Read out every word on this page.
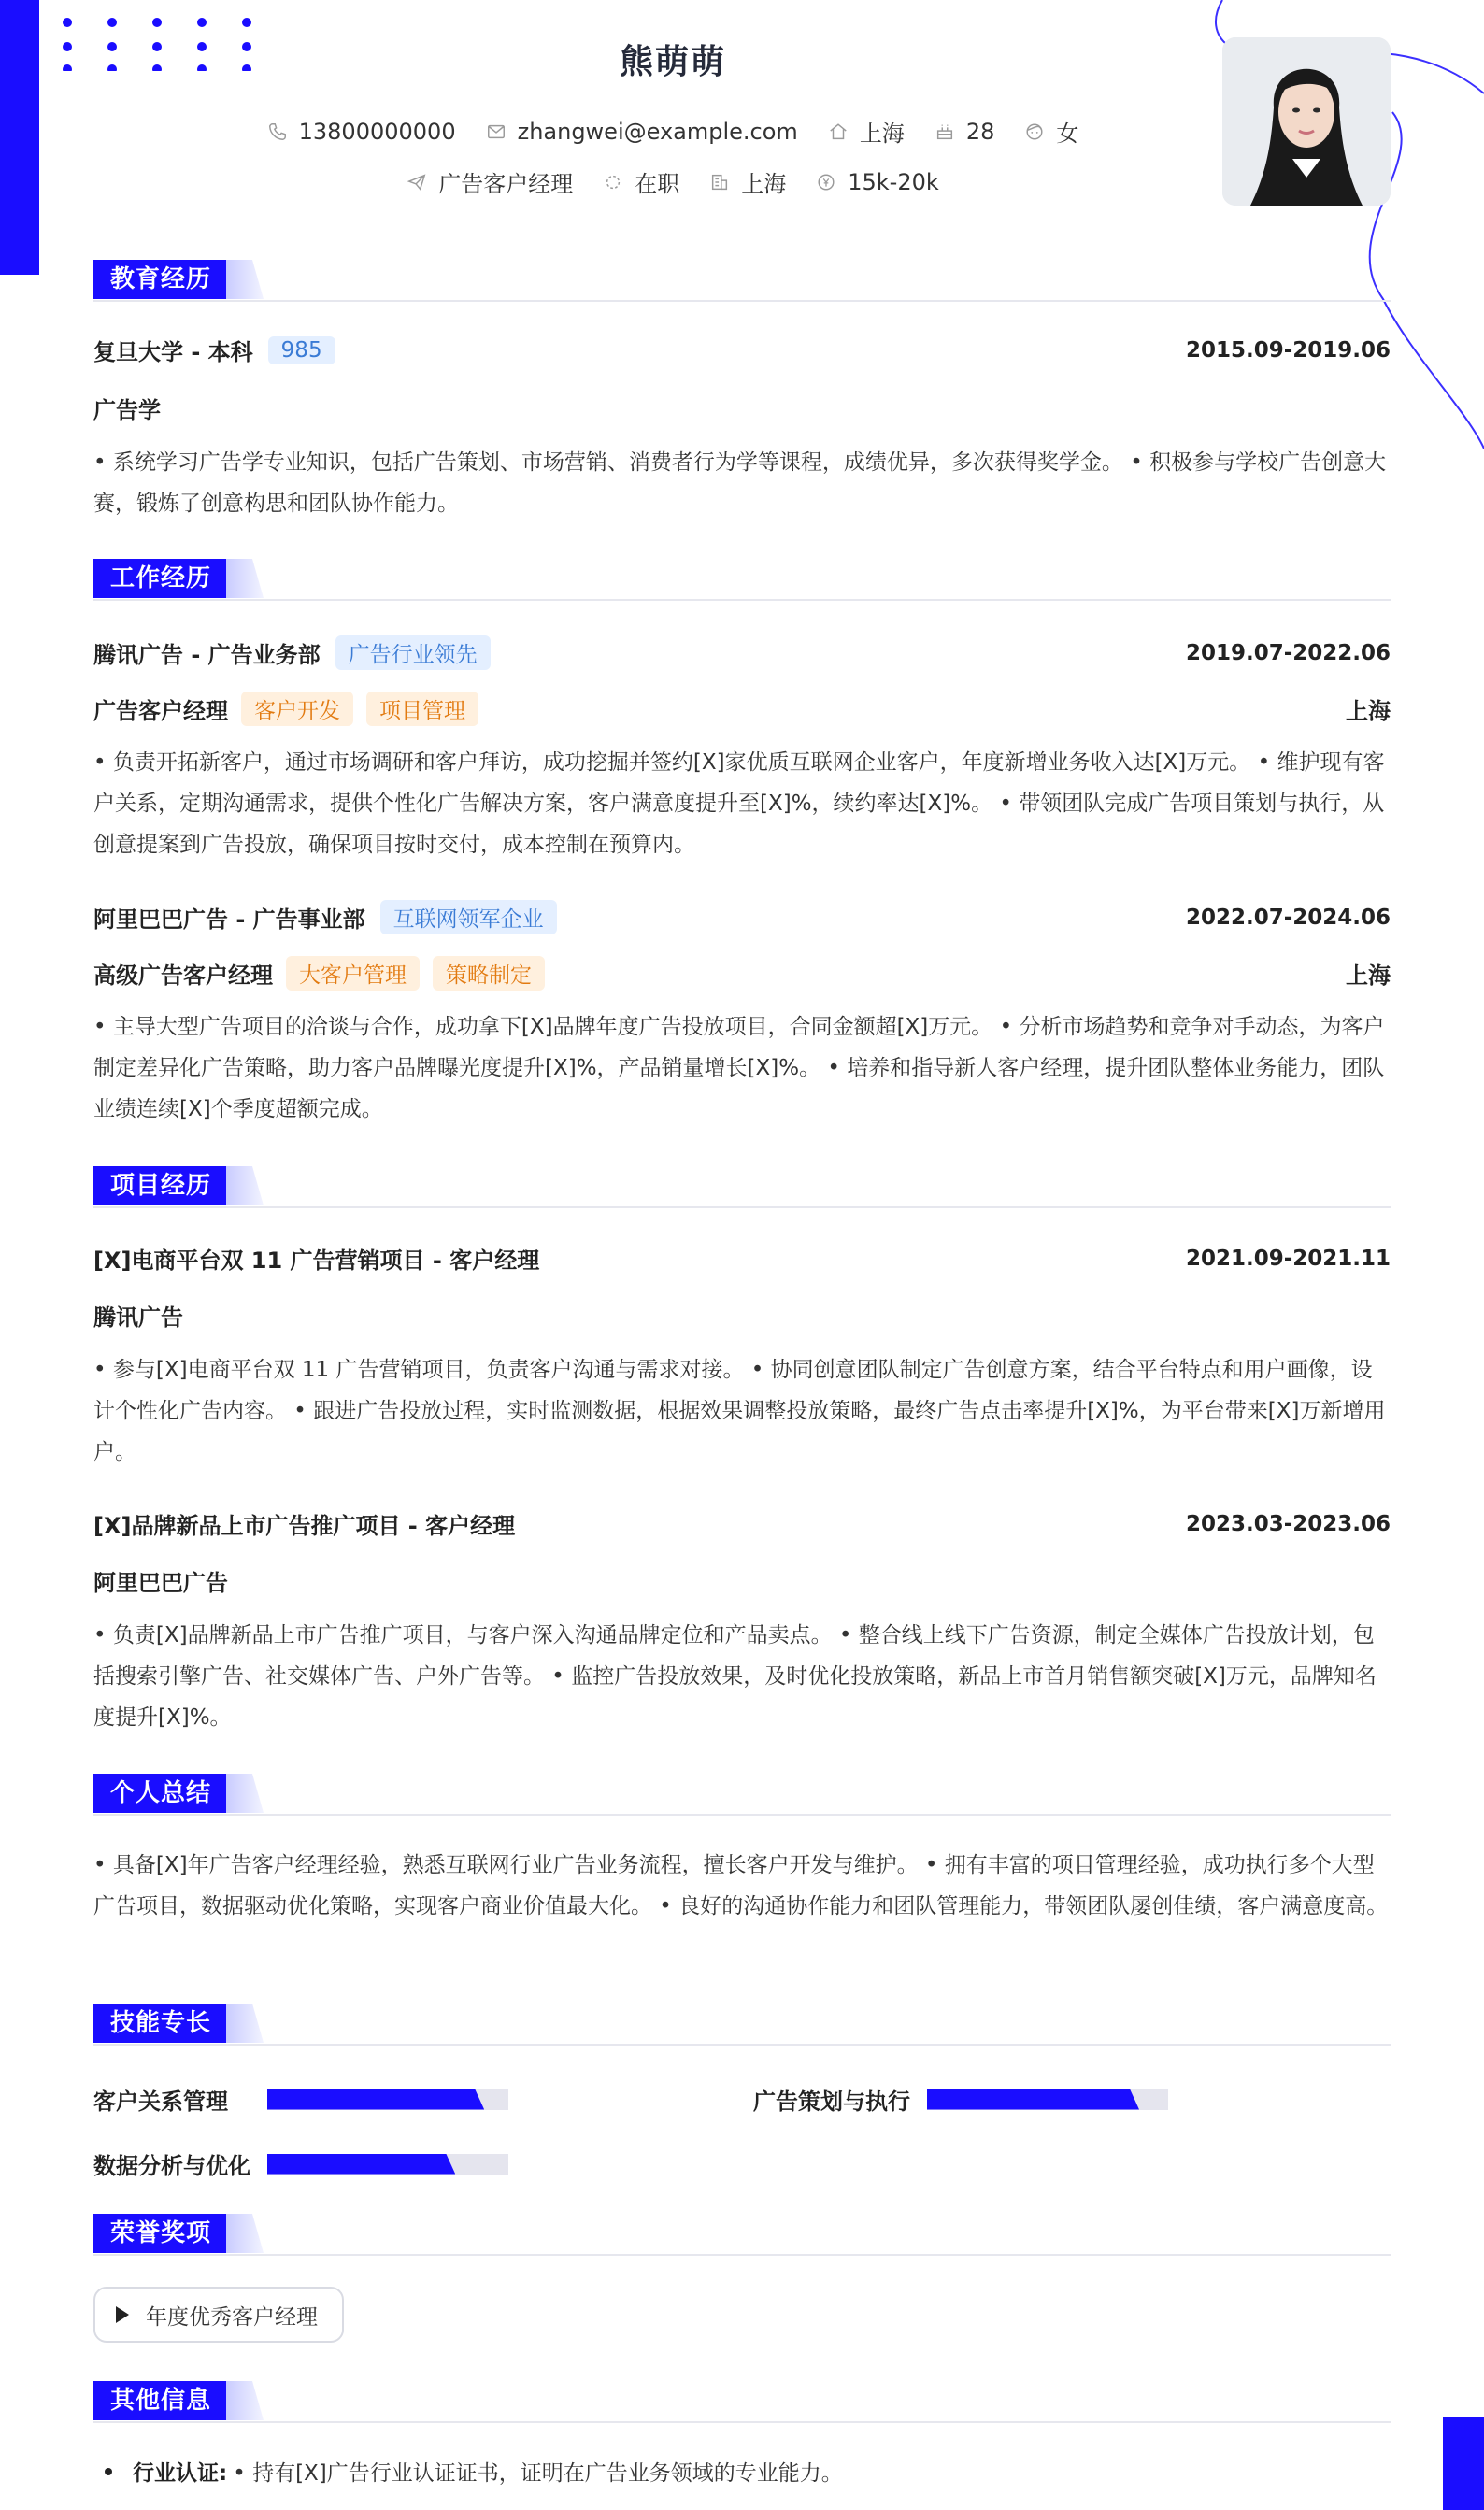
熊萌萌
13800000000	zhangwei@example.com	上海	28	女
广告客户经理	在职	上海	15k-20k
教育经历
复旦大学 - 本科	985	2015.09-2019.06
广告学
• 系统学习广告学专业知识，包括广告策划、市场营销、消费者行为学等课程，成绩优异，多次获得奖学金。 • 积极参与学校广告创意大赛，锻炼了创意构思和团队协作能力。
工作经历
腾讯广告 - 广告业务部	广告行业领先	2019.07-2022.06
广告客户经理	客户开发	项目管理	上海
• 负责开拓新客户，通过市场调研和客户拜访，成功挖掘并签约[X]家优质互联网企业客户，年度新增业务收入达[X]万元。 • 维护现有客户关系，定期沟通需求，提供个性化广告解决方案，客户满意度提升至[X]%，续约率达[X]%。 • 带领团队完成广告项目策划与执行，从创意提案到广告投放，确保项目按时交付，成本控制在预算内。
阿里巴巴广告 - 广告事业部	互联网领军企业	2022.07-2024.06
高级广告客户经理	大客户管理	策略制定	上海
• 主导大型广告项目的洽谈与合作，成功拿下[X]品牌年度广告投放项目，合同金额超[X]万元。 • 分析市场趋势和竞争对手动态，为客户制定差异化广告策略，助力客户品牌曝光度提升[X]%，产品销量增长[X]%。 • 培养和指导新人客户经理，提升团队整体业务能力，团队业绩连续[X]个季度超额完成。
项目经历
[X]电商平台双 11 广告营销项目 - 客户经理	2021.09-2021.11
腾讯广告
• 参与[X]电商平台双 11 广告营销项目，负责客户沟通与需求对接。 • 协同创意团队制定广告创意方案，结合平台特点和用户画像，设计个性化广告内容。 • 跟进广告投放过程，实时监测数据，根据效果调整投放策略，最终广告点击率提升[X]%，为平台带来[X]万新增用户。
[X]品牌新品上市广告推广项目 - 客户经理	2023.03-2023.06
阿里巴巴广告
• 负责[X]品牌新品上市广告推广项目，与客户深入沟通品牌定位和产品卖点。 • 整合线上线下广告资源，制定全媒体广告投放计划，包括搜索引擎广告、社交媒体广告、户外广告等。 • 监控广告投放效果，及时优化投放策略，新品上市首月销售额突破[X]万元，品牌知名度提升[X]%。
个人总结
• 具备[X]年广告客户经理经验，熟悉互联网行业广告业务流程，擅长客户开发与维护。 • 拥有丰富的项目管理经验，成功执行多个大型广告项目，数据驱动优化策略，实现客户商业价值最大化。 • 良好的沟通协作能力和团队管理能力，带领团队屡创佳绩，客户满意度高。
技能专长
客户关系管理	广告策划与执行
数据分析与优化
荣誉奖项
年度优秀客户经理
其他信息
行业认证: • 持有[X]广告行业认证证书，证明在广告业务领域的专业能力。
